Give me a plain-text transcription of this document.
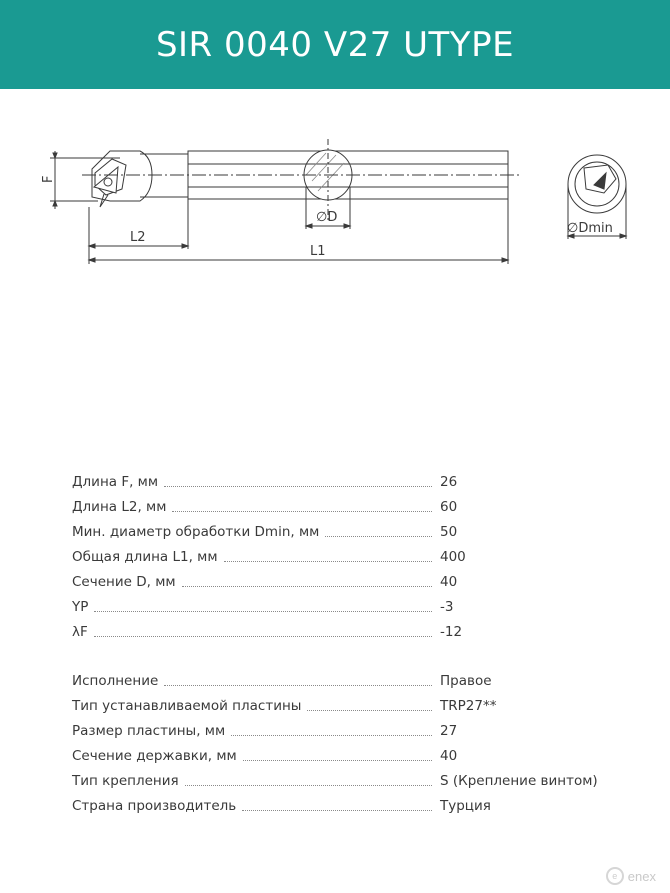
SIR 0040 V27 UTYPE
F
L2
L1
∅D
∅Dmin
Длина F, мм	26
Длина L2, мм	60
Мин. диаметр обработки Dmin, мм	50
Общая длина L1, мм	400
Сечение D, мм	40
YP	-3
λF	-12
Исполнение	Правое
Тип устанавливаемой пластины	TRP27**
Размер пластины, мм	27
Сечение державки, мм	40
Тип крепления	S (Крепление винтом)
Страна производитель	Турция
e enex
